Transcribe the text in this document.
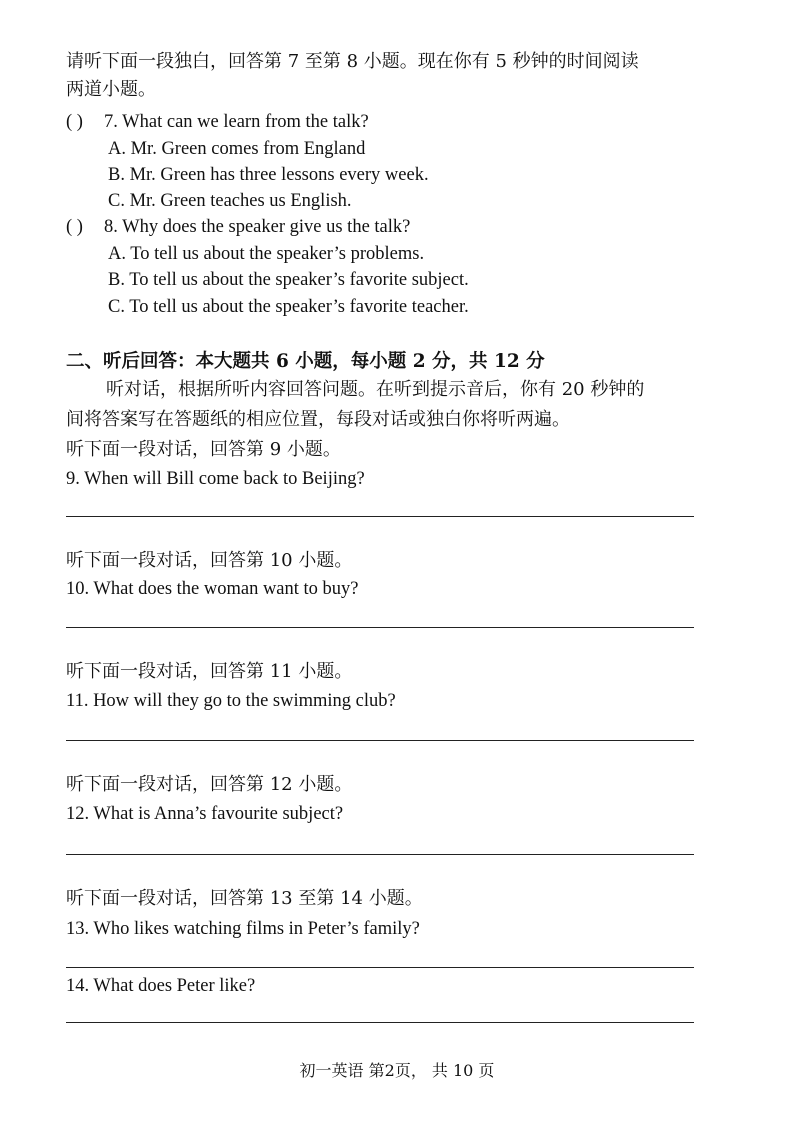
请听下面一段独白，回答第 7 至第 8 小题。现在你有 5 秒钟的时间阅读
两道小题。
( ) 7. What can we learn from the talk?
A. Mr. Green comes from England
B. Mr. Green has three lessons every week.
C. Mr. Green teaches us English.
( ) 8. Why does the speaker give us the talk?
A. To tell us about the speaker’s problems.
B. To tell us about the speaker’s favorite subject.
C. To tell us about the speaker’s favorite teacher.
二、听后回答：本大题共 6 小题，每小题 2 分，共 12 分
听对话，根据所听内容回答问题。在听到提示音后，你有 20 秒钟的
间将答案写在答题纸的相应位置，每段对话或独白你将听两遍。
听下面一段对话，回答第 9 小题。
9. When will Bill come back to Beijing?
听下面一段对话，回答第 10 小题。
10. What does the woman want to buy?
听下面一段对话，回答第 11 小题。
11. How will they go to the swimming club?
听下面一段对话，回答第 12 小题。
12. What is Anna’s favourite subject?
听下面一段对话，回答第 13 至第 14 小题。
13. Who likes watching films in Peter’s family?
14. What does Peter like?
初一英语 第2页， 共 10 页
